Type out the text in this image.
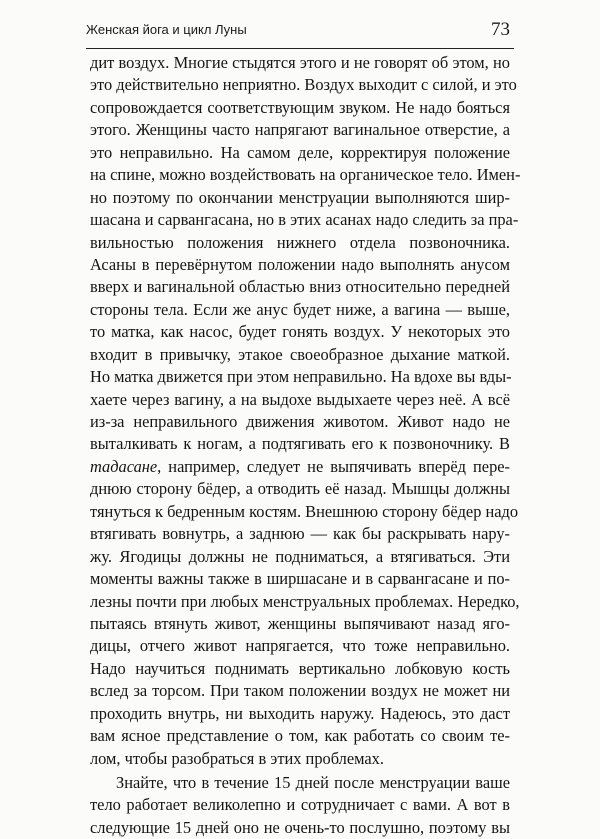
Женская йога и цикл Луны	73
дит воздух. Многие стыдятся этого и не говорят об этом, но
это действительно неприятно. Воздух выходит с силой, и это
сопровождается соответствующим звуком. Не надо бояться
этого. Женщины часто напрягают вагинальное отверстие, а
это неправильно. На самом деле, корректируя положение
на спине, можно воздействовать на органическое тело. Имен-
но поэтому по окончании менструации выполняются шир-
шасана и сарвангасана, но в этих асанах надо следить за пра-
вильностью положения нижнего отдела позвоночника.
Асаны в перевёрнутом положении надо выполнять анусом
вверх и вагинальной областью вниз относительно передней
стороны тела. Если же анус будет ниже, а вагина — выше,
то матка, как насос, будет гонять воздух. У некоторых это
входит в привычку, этакое своеобразное дыхание маткой.
Но матка движется при этом неправильно. На вдохе вы вды-
хаете через вагину, а на выдохе выдыхаете через неё. А всё
из-за неправильного движения животом. Живот надо не
выталкивать к ногам, а подтягивать его к позвоночнику. В
тадасане, например, следует не выпячивать вперёд пере-
днюю сторону бёдер, а отводить её назад. Мышцы должны
тянуться к бедренным костям. Внешнюю сторону бёдер надо
втягивать вовнутрь, а заднюю — как бы раскрывать нару-
жу. Ягодицы должны не подниматься, а втягиваться. Эти
моменты важны также в ширшасане и в сарвангасане и по-
лезны почти при любых менструальных проблемах. Нередко,
пытаясь втянуть живот, женщины выпячивают назад яго-
дицы, отчего живот напрягается, что тоже неправильно.
Надо научиться поднимать вертикально лобковую кость
вслед за торсом. При таком положении воздух не может ни
проходить внутрь, ни выходить наружу. Надеюсь, это даст
вам ясное представление о том, как работать со своим те-
лом, чтобы разобраться в этих проблемах.
Знайте, что в течение 15 дней после менструации ваше
тело работает великолепно и сотрудничает с вами. А вот в
следующие 15 дней оно не очень-то послушно, поэтому вы
